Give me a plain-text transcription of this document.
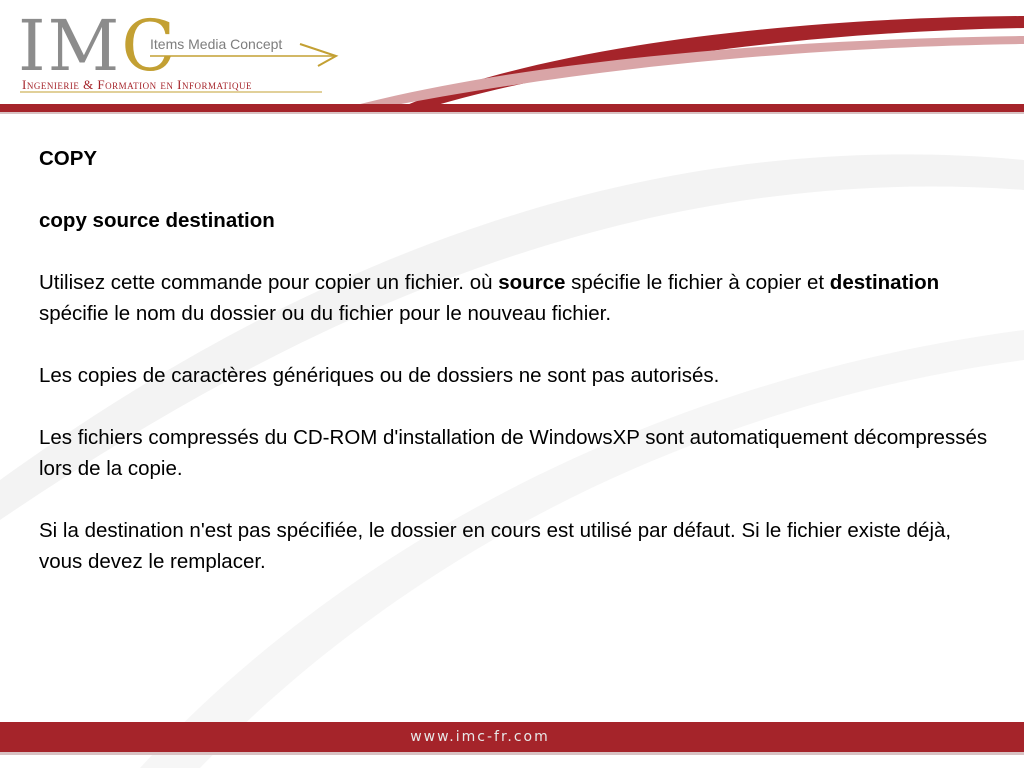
IMC
Items Media Concept
Ingenierie & Formation en Informatique

COPY

copy source destination

Utilisez cette commande pour copier un fichier. où source spécifie le fichier à copier et destination spécifie le nom du dossier ou du fichier pour le nouveau fichier.

Les copies de caractères génériques ou de dossiers ne sont pas autorisés.

Les fichiers compressés du CD-ROM d'installation de WindowsXP sont automatiquement décompressés lors de la copie.

Si la destination n'est pas spécifiée, le dossier en cours est utilisé par défaut. Si le fichier existe déjà, vous devez le remplacer.

www.imc-fr.com
